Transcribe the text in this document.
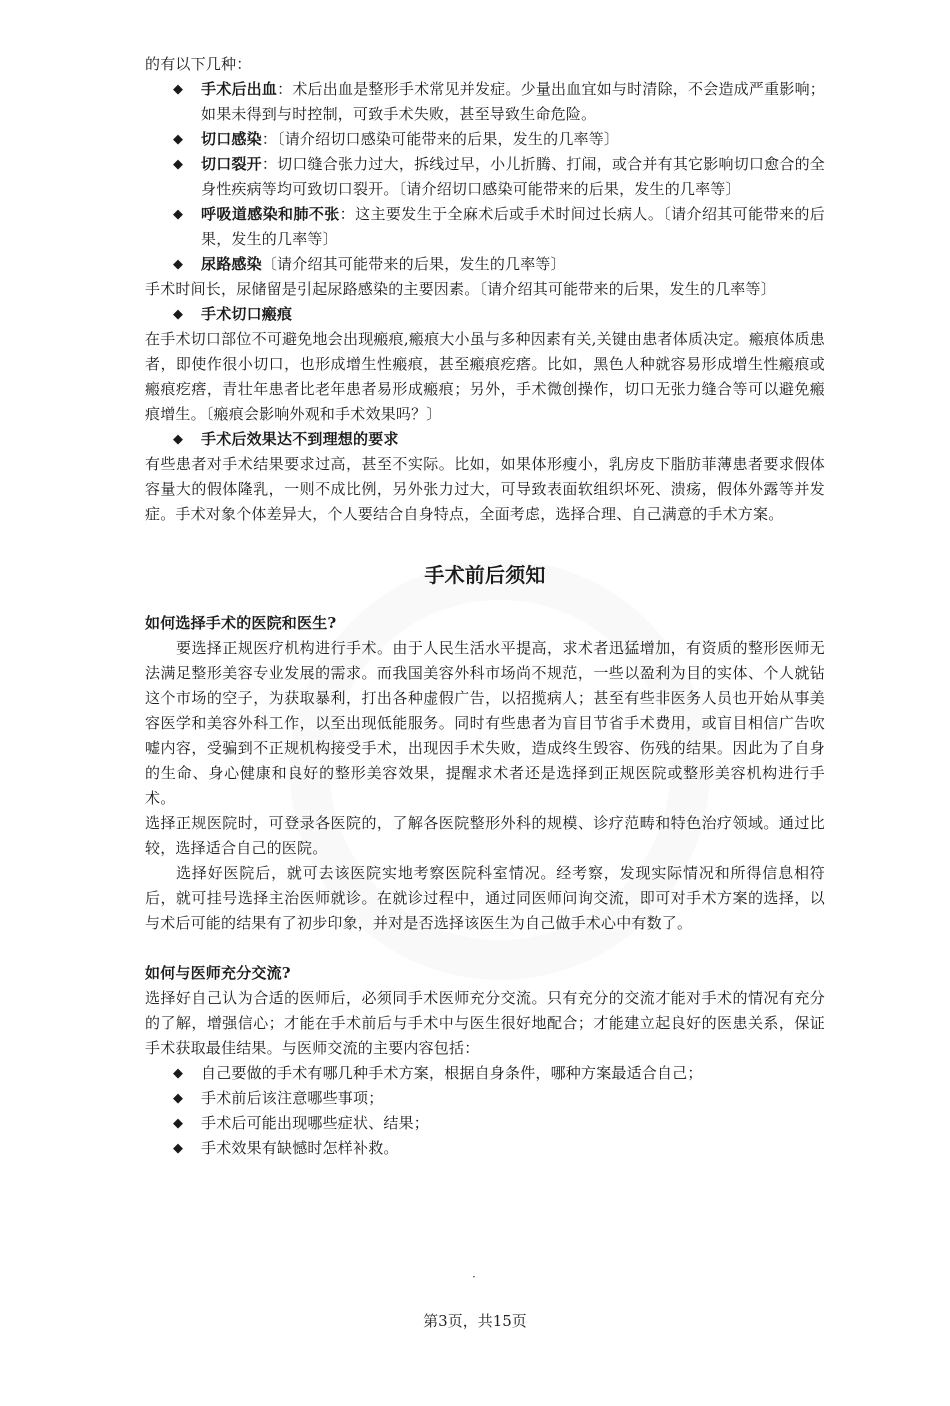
的有以下几种：

◆ 手术后出血：术后出血是整形手术常见并发症。少量出血宜如与时清除，不会造成严重影响；如果未得到与时控制，可致手术失败，甚至导致生命危险。

◆ 切口感染：〔请介绍切口感染可能带来的后果，发生的几率等〕

◆ 切口裂开：切口缝合张力过大，拆线过早，小儿折腾、打闹，或合并有其它影响切口愈合的全身性疾病等均可致切口裂开。〔请介绍切口感染可能带来的后果，发生的几率等〕

◆ 呼吸道感染和肺不张：这主要发生于全麻术后或手术时间过长病人。〔请介绍其可能带来的后果，发生的几率等〕

◆ 尿路感染〔请介绍其可能带来的后果，发生的几率等〕

手术时间长，尿储留是引起尿路感染的主要因素。〔请介绍其可能带来的后果，发生的几率等〕

◆ 手术切口瘢痕

在手术切口部位不可避免地会出现瘢痕,瘢痕大小虽与多种因素有关,关键由患者体质决定。瘢痕体质患者，即使作很小切口，也形成增生性瘢痕，甚至瘢痕疙瘩。比如，黑色人种就容易形成增生性瘢痕或瘢痕疙瘩，青壮年患者比老年患者易形成瘢痕；另外，手术微创操作，切口无张力缝合等可以避免瘢痕增生。〔瘢痕会影响外观和手术效果吗？〕

◆ 手术后效果达不到理想的要求

有些患者对手术结果要求过高，甚至不实际。比如，如果体形瘦小，乳房皮下脂肪菲薄患者要求假体容量大的假体隆乳，一则不成比例，另外张力过大，可导致表面软组织坏死、溃疡，假体外露等并发症。手术对象个体差异大，个人要结合自身特点，全面考虑，选择合理、自己满意的手术方案。

手术前后须知

如何选择手术的医院和医生?

要选择正规医疗机构进行手术。由于人民生活水平提高，求术者迅猛增加，有资质的整形医师无法满足整形美容专业发展的需求。而我国美容外科市场尚不规范，一些以盈利为目的实体、个人就钻这个市场的空子，为获取暴利，打出各种虚假广告，以招揽病人；甚至有些非医务人员也开始从事美容医学和美容外科工作，以至出现低能服务。同时有些患者为盲目节省手术费用，或盲目相信广告吹嘘内容，受骗到不正规机构接受手术，出现因手术失败，造成终生毁容、伤残的结果。因此为了自身的生命、身心健康和良好的整形美容效果，提醒求术者还是选择到正规医院或整形美容机构进行手术。

选择正规医院时，可登录各医院的，了解各医院整形外科的规模、诊疗范畴和特色治疗领域。通过比较，选择适合自己的医院。

选择好医院后，就可去该医院实地考察医院科室情况。经考察，发现实际情况和所得信息相符后，就可挂号选择主治医师就诊。在就诊过程中，通过同医师问询交流，即可对手术方案的选择，以与术后可能的结果有了初步印象，并对是否选择该医生为自己做手术心中有数了。

如何与医师充分交流?

选择好自己认为合适的医师后，必须同手术医师充分交流。只有充分的交流才能对手术的情况有充分的了解，增强信心；才能在手术前后与手术中与医生很好地配合；才能建立起良好的医患关系，保证手术获取最佳结果。与医师交流的主要内容包括：

◆ 自己要做的手术有哪几种手术方案，根据自身条件，哪种方案最适合自己；

◆ 手术前后该注意哪些事项；

◆ 手术后可能出现哪些症状、结果；

◆ 手术效果有缺憾时怎样补救。

·
第3页，共15页
